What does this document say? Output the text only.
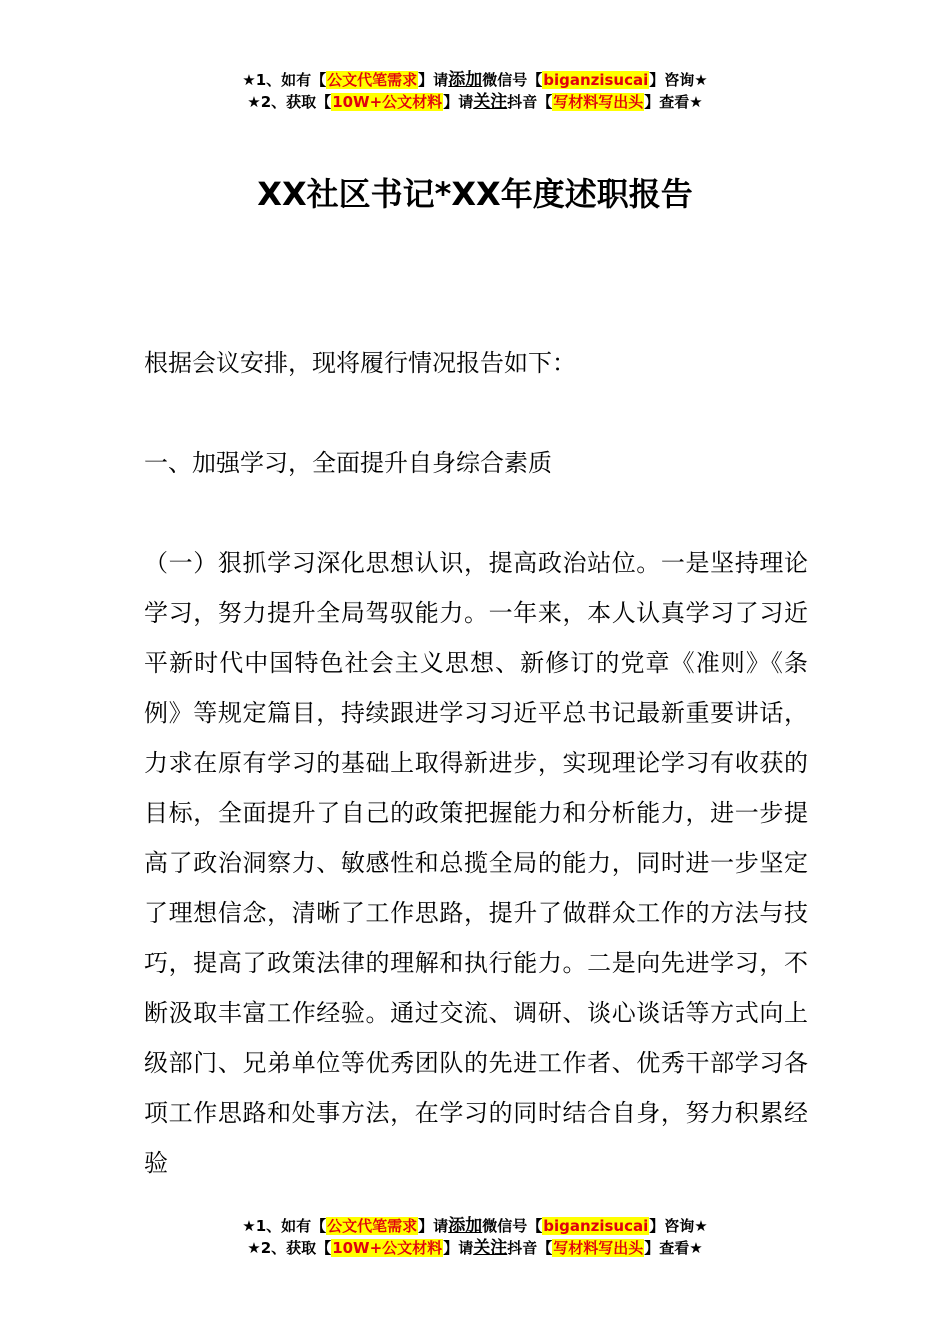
★1、如有【公文代笔需求】请添加微信号【biganzisucai】咨询★
★2、获取【10W+公文材料】请关注抖音【写材料写出头】查看★
XX社区书记*XX年度述职报告

根据会议安排，现将履行情况报告如下：

一、加强学习，全面提升自身综合素质

（一）狠抓学习深化思想认识，提高政治站位。一是坚持理论学习，努力提升全局驾驭能力。一年来，本人认真学习了习近平新时代中国特色社会主义思想、新修订的党章《准则》《条例》等规定篇目，持续跟进学习习近平总书记最新重要讲话，力求在原有学习的基础上取得新进步，实现理论学习有收获的目标，全面提升了自己的政策把握能力和分析能力，进一步提高了政治洞察力、敏感性和总揽全局的能力，同时进一步坚定了理想信念，清晰了工作思路，提升了做群众工作的方法与技巧，提高了政策法律的理解和执行能力。二是向先进学习，不断汲取丰富工作经验。通过交流、调研、谈心谈话等方式向上级部门、兄弟单位等优秀团队的先进工作者、优秀干部学习各项工作思路和处事方法，在学习的同时结合自身，努力积累经验

★1、如有【公文代笔需求】请添加微信号【biganzisucai】咨询★
★2、获取【10W+公文材料】请关注抖音【写材料写出头】查看★
